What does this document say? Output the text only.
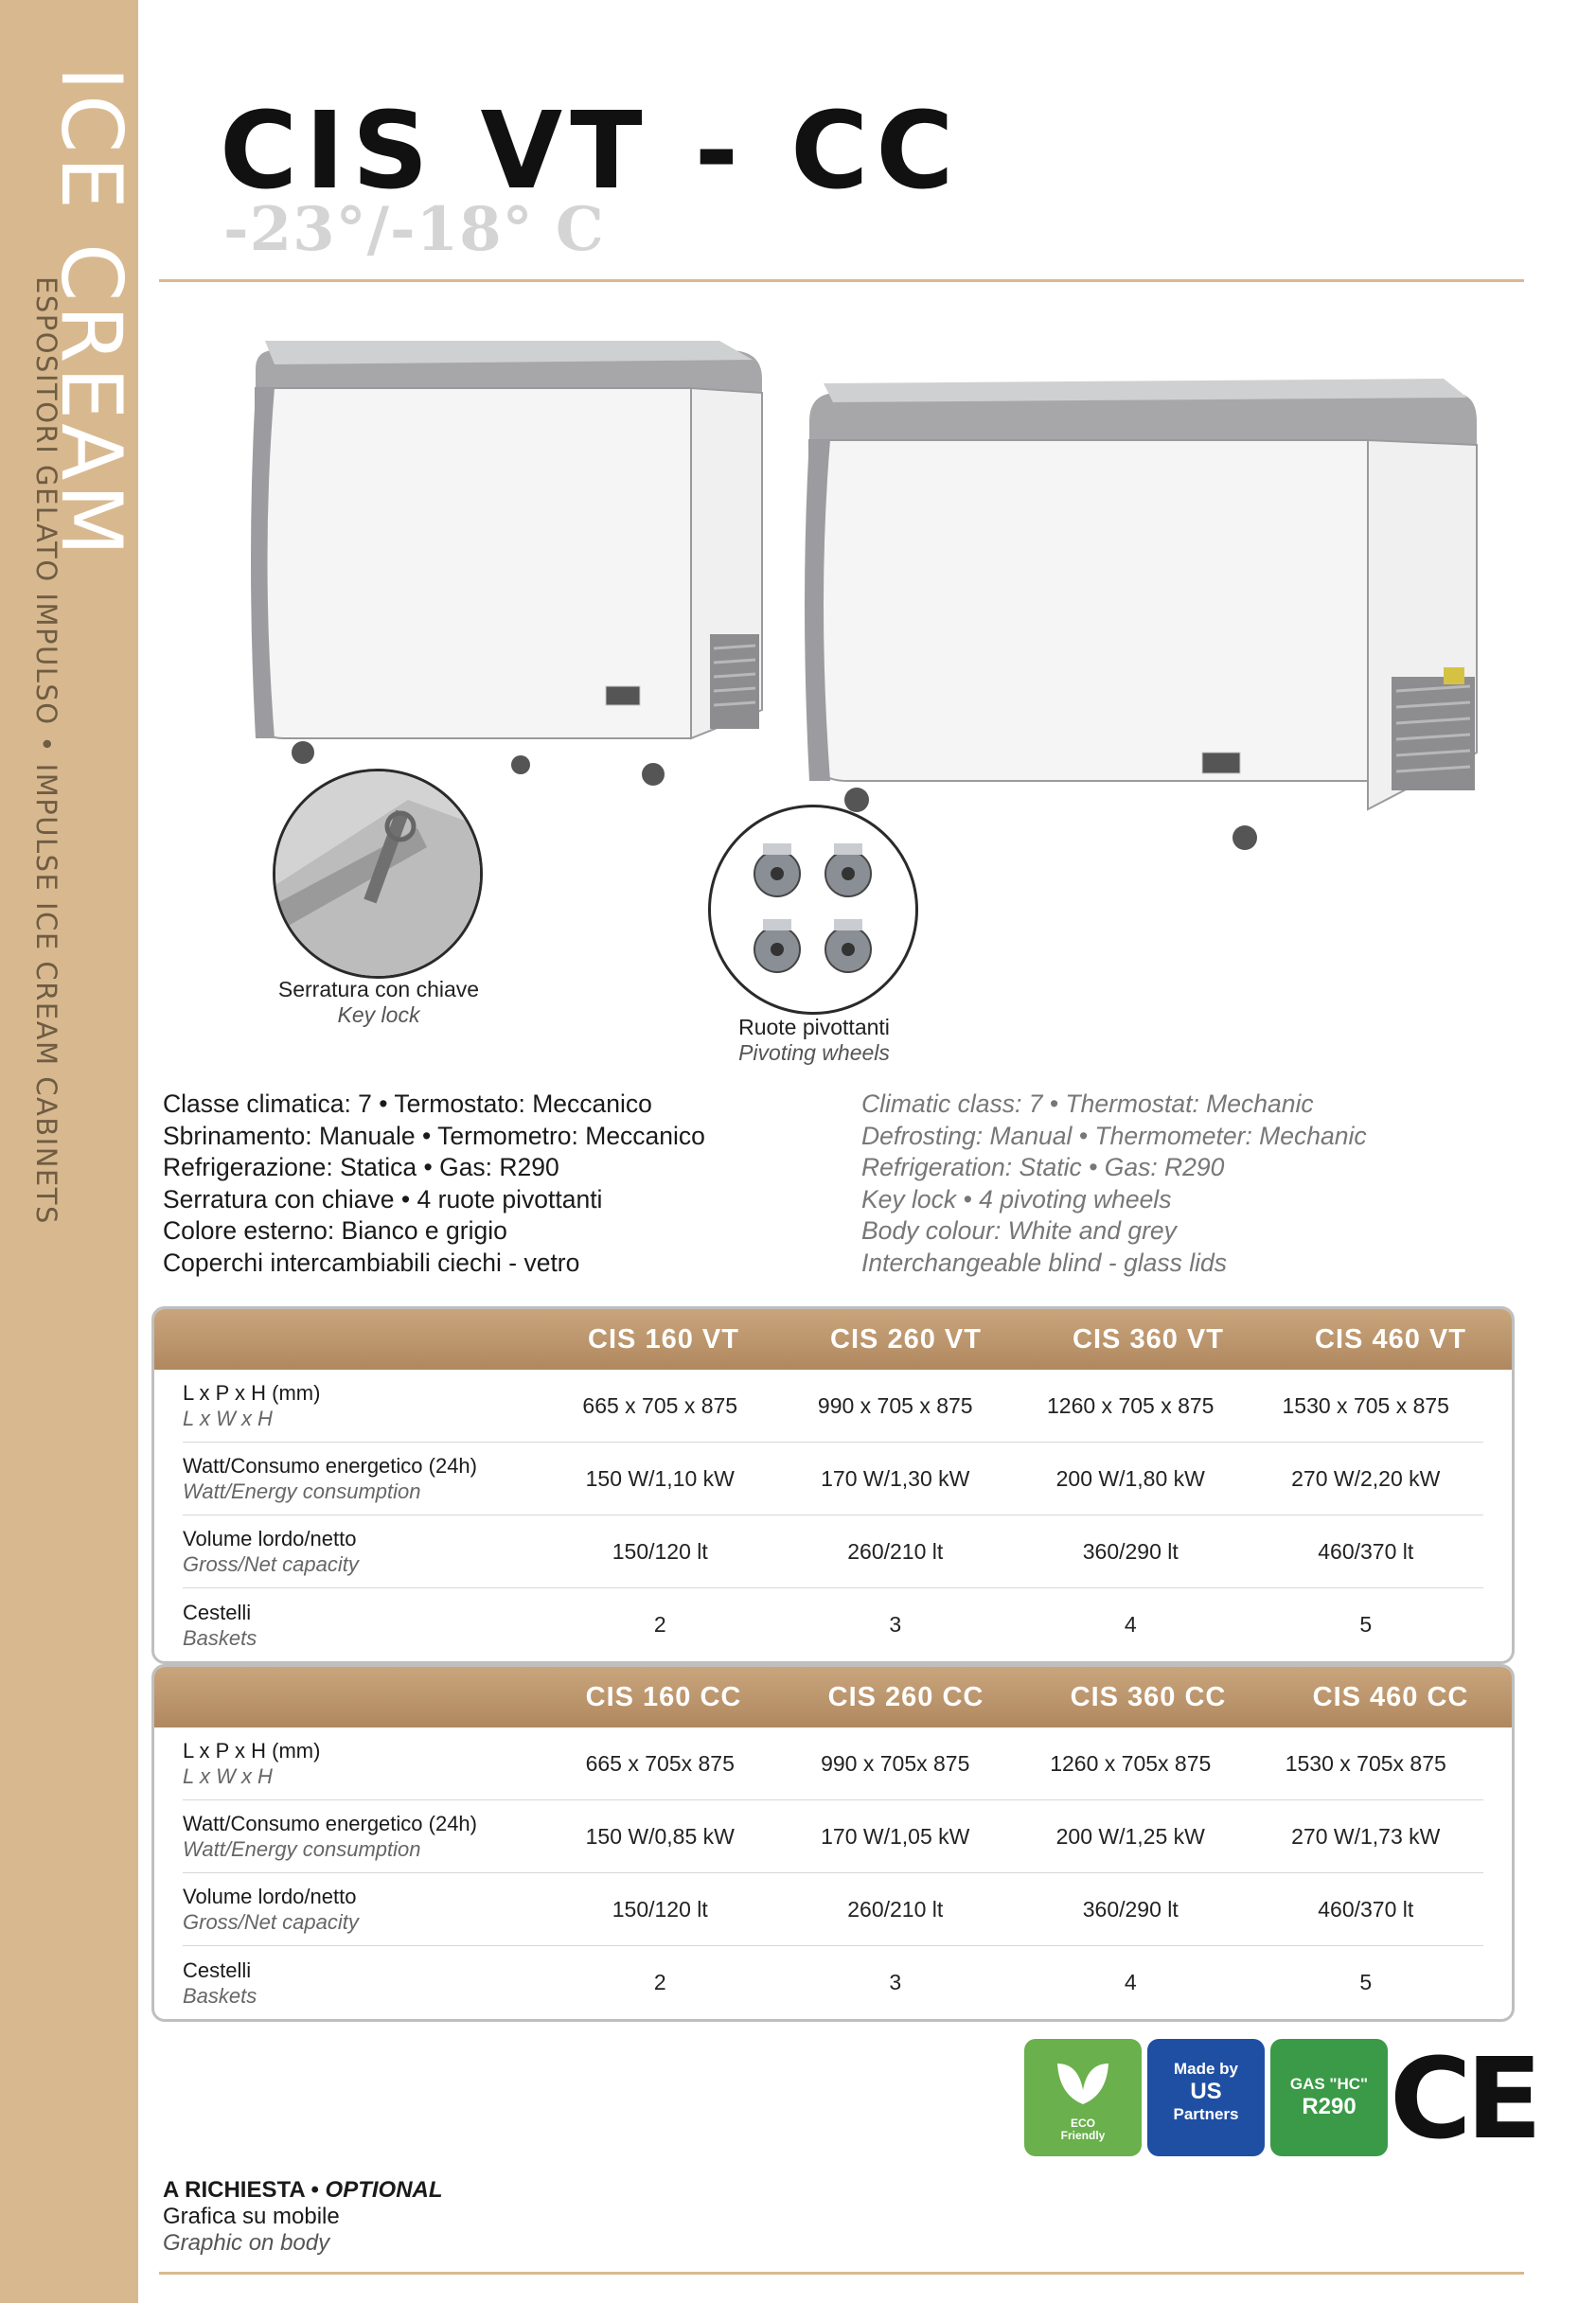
ICE CREAM
ESPOSITORI GELATO IMPULSO • IMPULSE ICE CREAM CABINETS
CIS VT - CC
-23°/-18° C
Serratura con chiave
Key lock	Ruote pivottanti
Pivoting wheels
Classe climatica: 7 • Termostato: Meccanico
Sbrinamento: Manuale • Termometro: Meccanico
Refrigerazione: Statica • Gas: R290
Serratura con chiave • 4 ruote pivottanti
Colore esterno: Bianco e grigio
Coperchi intercambiabili ciechi - vetro
Climatic class: 7 • Thermostat: Mechanic
Defrosting: Manual • Thermometer: Mechanic
Refrigeration: Static • Gas: R290
Key lock • 4 pivoting wheels
Body colour: White and grey
Interchangeable blind - glass lids
CIS 160 VT	CIS 260 VT	CIS 360 VT	CIS 460 VT
L x P x H (mm)
L x W x H
665 x 705 x 875	990 x 705 x 875	1260 x 705 x 875	1530 x 705 x 875
Watt/Consumo energetico (24h)
Watt/Energy consumption
150 W/1,10 kW	170 W/1,30 kW	200 W/1,80 kW	270 W/2,20 kW
Volume lordo/netto
Gross/Net capacity
150/120 lt	260/210 lt	360/290 lt	460/370 lt
Cestelli
Baskets
2	3	4	5
CIS 160 CC	CIS 260 CC	CIS 360 CC	CIS 460 CC
L x P x H (mm)
L x W x H
665 x 705x 875	990 x 705x 875	1260 x 705x 875	1530 x 705x 875
Watt/Consumo energetico (24h)
Watt/Energy consumption
150 W/0,85 kW	170 W/1,05 kW	200 W/1,25 kW	270 W/1,73 kW
Volume lordo/netto
Gross/Net capacity
150/120 lt	260/210 lt	360/290 lt	460/370 lt
Cestelli
Baskets
2	3	4	5
ECO Friendly
Made by
US
Partners
GAS "HC"
R290 CE
A RICHIESTA • OPTIONAL
Grafica su mobile
Graphic on body
